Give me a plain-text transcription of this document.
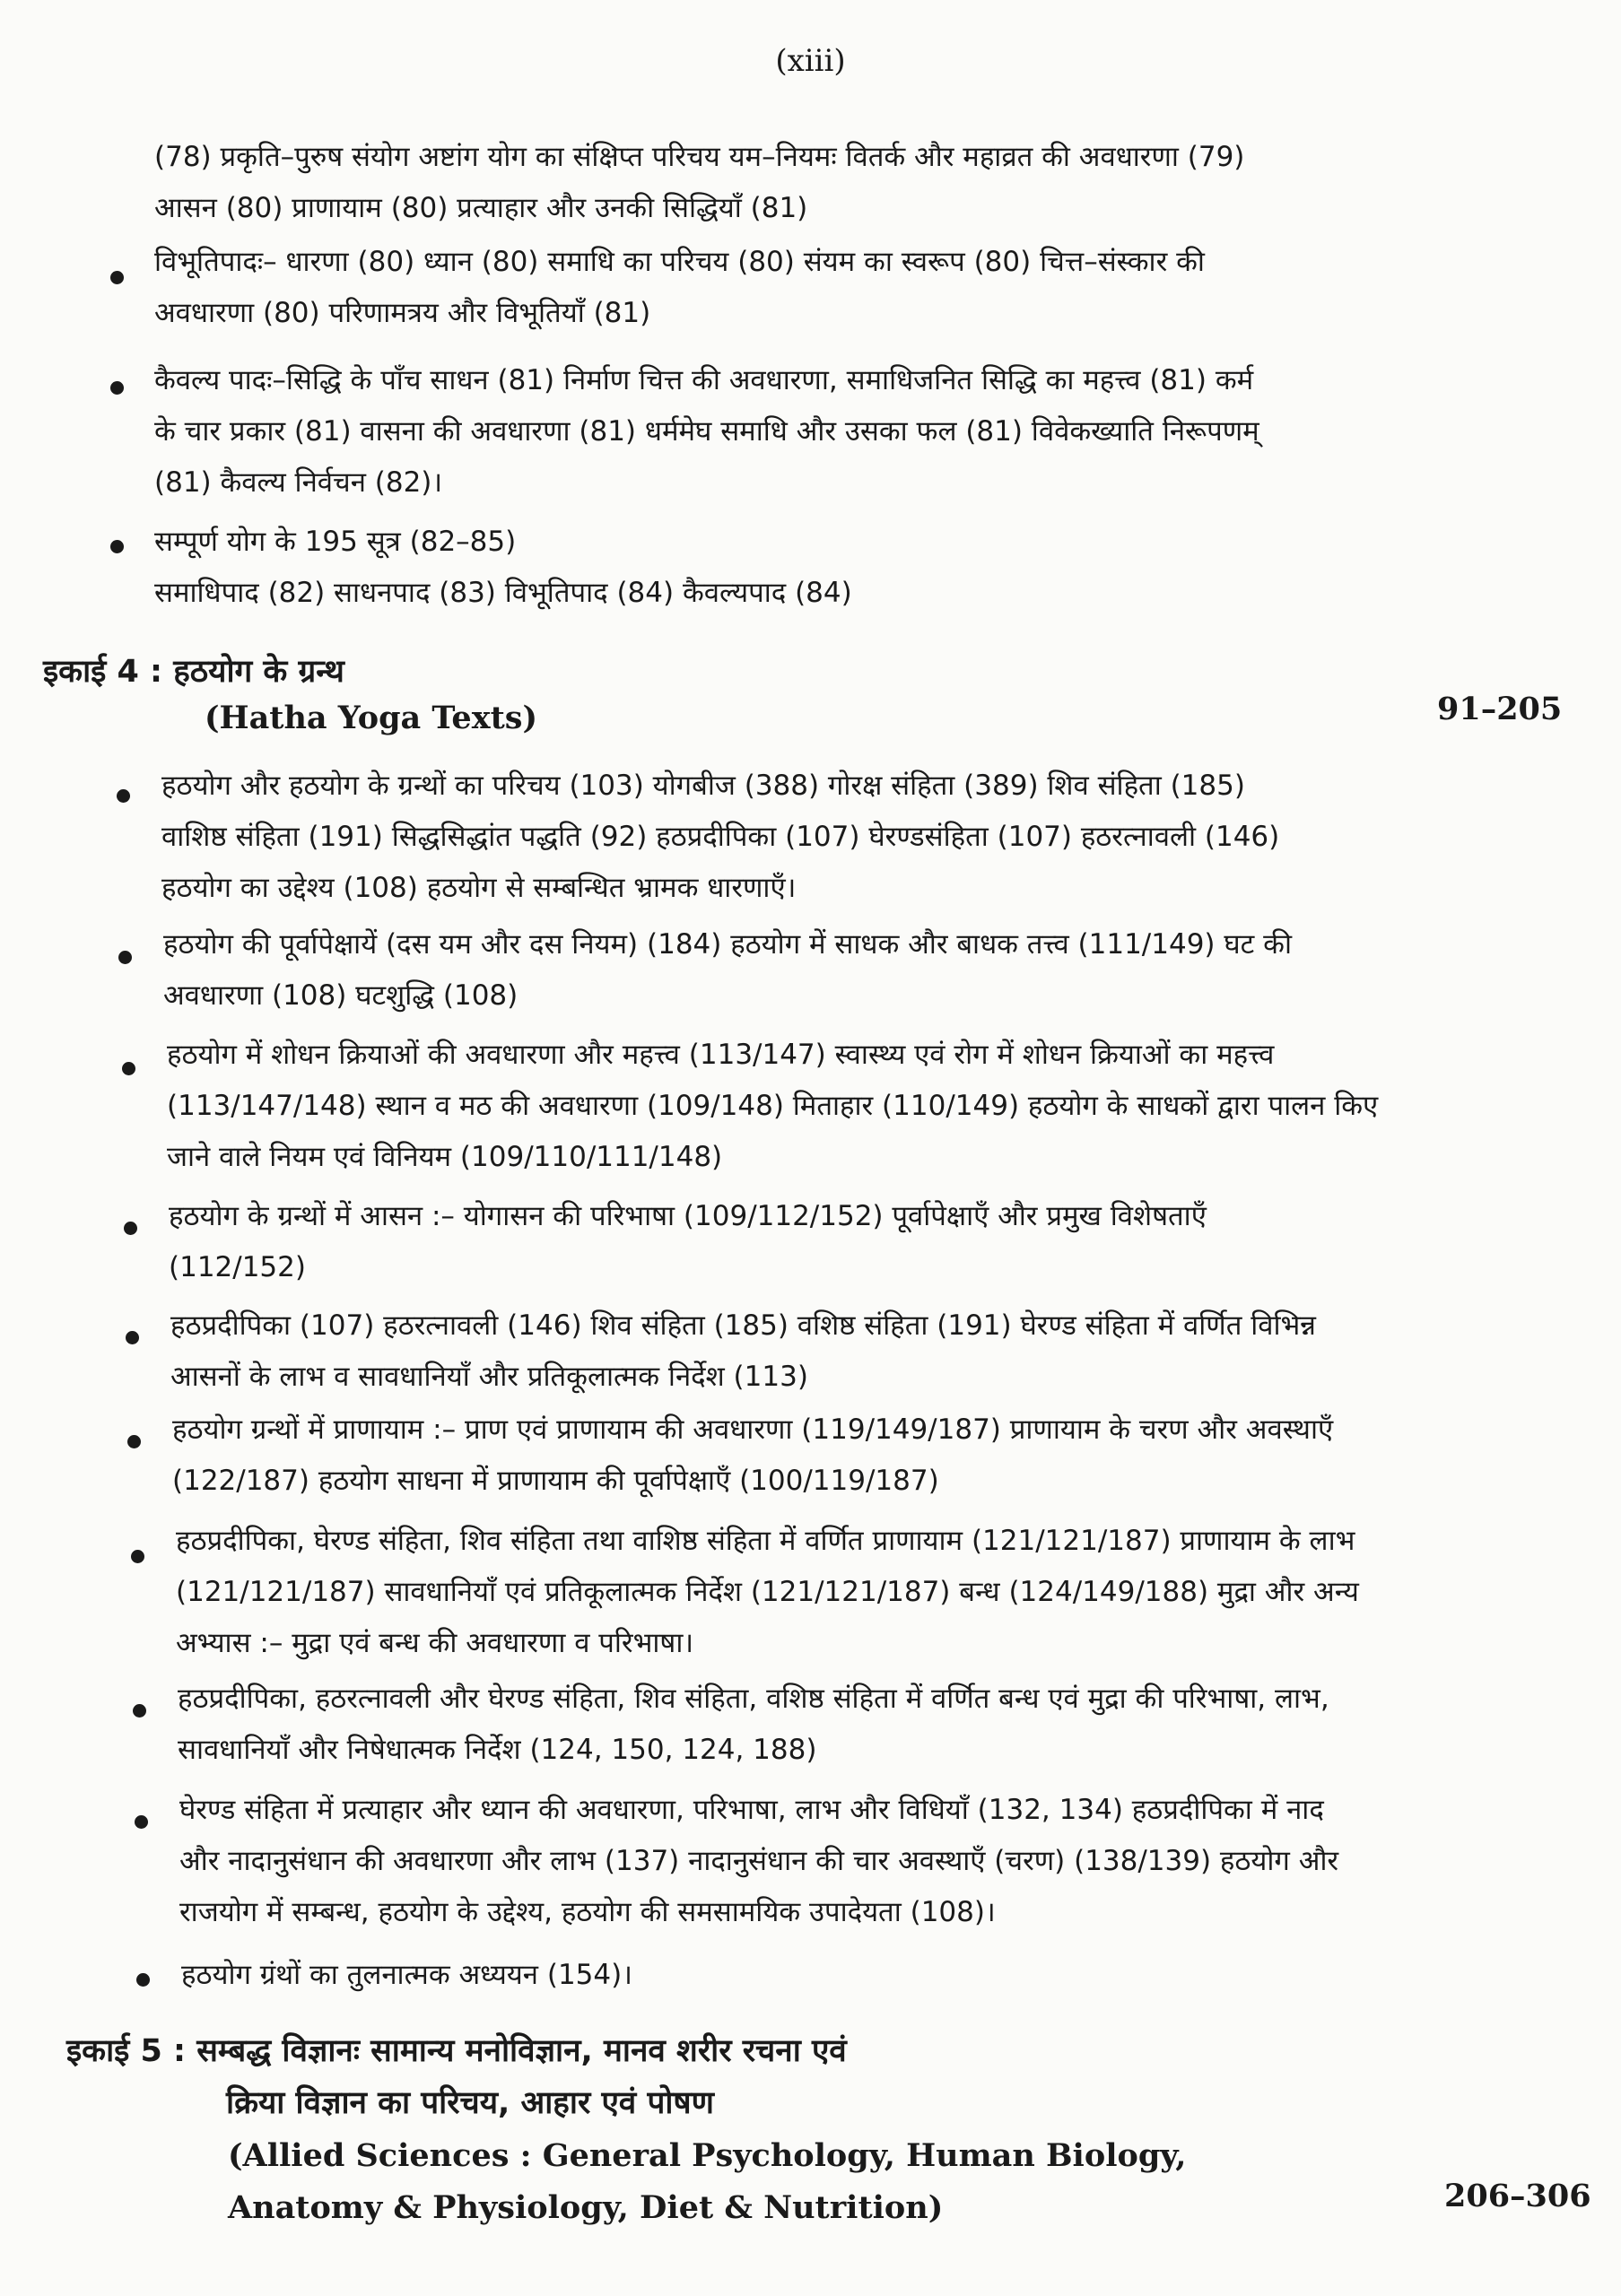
(xiii)
(78) प्रकृति–पुरुष संयोग अष्टांग योग का संक्षिप्त परिचय यम–नियमः वितर्क और महाव्रत की अवधारणा (79)
आसन (80) प्राणायाम (80) प्रत्याहार और उनकी सिद्धियाँ (81)
विभूतिपादः– धारणा (80) ध्यान (80) समाधि का परिचय (80) संयम का स्वरूप (80) चित्त–संस्कार की
अवधारणा (80) परिणामत्रय और विभूतियाँ (81)
कैवल्य पादः–सिद्धि के पाँच साधन (81) निर्माण चित्त की अवधारणा, समाधिजनित सिद्धि का महत्त्व (81) कर्म
के चार प्रकार (81) वासना की अवधारणा (81) धर्ममेघ समाधि और उसका फल (81) विवेकख्याति निरूपणम्
(81) कैवल्य निर्वचन (82)।
सम्पूर्ण योग के 195 सूत्र (82–85)
समाधिपाद (82) साधनपाद (83) विभूतिपाद (84) कैवल्यपाद (84)
इकाई 4 : हठयोग के ग्रन्थ
(Hatha Yoga Texts)	91–205
हठयोग और हठयोग के ग्रन्थों का परिचय (103) योगबीज (388) गोरक्ष संहिता (389) शिव संहिता (185)
वाशिष्ठ संहिता (191) सिद्धसिद्धांत पद्धति (92) हठप्रदीपिका (107) घेरण्डसंहिता (107) हठरत्नावली (146)
हठयोग का उद्देश्य (108) हठयोग से सम्बन्धित भ्रामक धारणाएँ।
हठयोग की पूर्वापेक्षायें (दस यम और दस नियम) (184) हठयोग में साधक और बाधक तत्त्व (111/149) घट की
अवधारणा (108) घटशुद्धि (108)
हठयोग में शोधन क्रियाओं की अवधारणा और महत्त्व (113/147) स्वास्थ्य एवं रोग में शोधन क्रियाओं का महत्त्व
(113/147/148) स्थान व मठ की अवधारणा (109/148) मिताहार (110/149) हठयोग के साधकों द्वारा पालन किए
जाने वाले नियम एवं विनियम (109/110/111/148)
हठयोग के ग्रन्थों में आसन :– योगासन की परिभाषा (109/112/152) पूर्वापेक्षाएँ और प्रमुख विशेषताएँ
(112/152)
हठप्रदीपिका (107) हठरत्नावली (146) शिव संहिता (185) वशिष्ठ संहिता (191) घेरण्ड संहिता में वर्णित विभिन्न
आसनों के लाभ व सावधानियाँ और प्रतिकूलात्मक निर्देश (113)
हठयोग ग्रन्थों में प्राणायाम :– प्राण एवं प्राणायाम की अवधारणा (119/149/187) प्राणायाम के चरण और अवस्थाएँ
(122/187) हठयोग साधना में प्राणायाम की पूर्वापेक्षाएँ (100/119/187)
हठप्रदीपिका, घेरण्ड संहिता, शिव संहिता तथा वाशिष्ठ संहिता में वर्णित प्राणायाम (121/121/187) प्राणायाम के लाभ
(121/121/187) सावधानियाँ एवं प्रतिकूलात्मक निर्देश (121/121/187) बन्ध (124/149/188) मुद्रा और अन्य
अभ्यास :– मुद्रा एवं बन्ध की अवधारणा व परिभाषा।
हठप्रदीपिका, हठरत्नावली और घेरण्ड संहिता, शिव संहिता, वशिष्ठ संहिता में वर्णित बन्ध एवं मुद्रा की परिभाषा, लाभ,
सावधानियाँ और निषेधात्मक निर्देश (124, 150, 124, 188)
घेरण्ड संहिता में प्रत्याहार और ध्यान की अवधारणा, परिभाषा, लाभ और विधियाँ (132, 134) हठप्रदीपिका में नाद
और नादानुसंधान की अवधारणा और लाभ (137) नादानुसंधान की चार अवस्थाएँ (चरण) (138/139) हठयोग और
राजयोग में सम्बन्ध, हठयोग के उद्देश्य, हठयोग की समसामयिक उपादेयता (108)।
हठयोग ग्रंथों का तुलनात्मक अध्ययन (154)।
इकाई 5 : सम्बद्ध विज्ञानः सामान्य मनोविज्ञान, मानव शरीर रचना एवं
क्रिया विज्ञान का परिचय, आहार एवं पोषण
(Allied Sciences : General Psychology, Human Biology,
Anatomy & Physiology, Diet & Nutrition)	206–306
